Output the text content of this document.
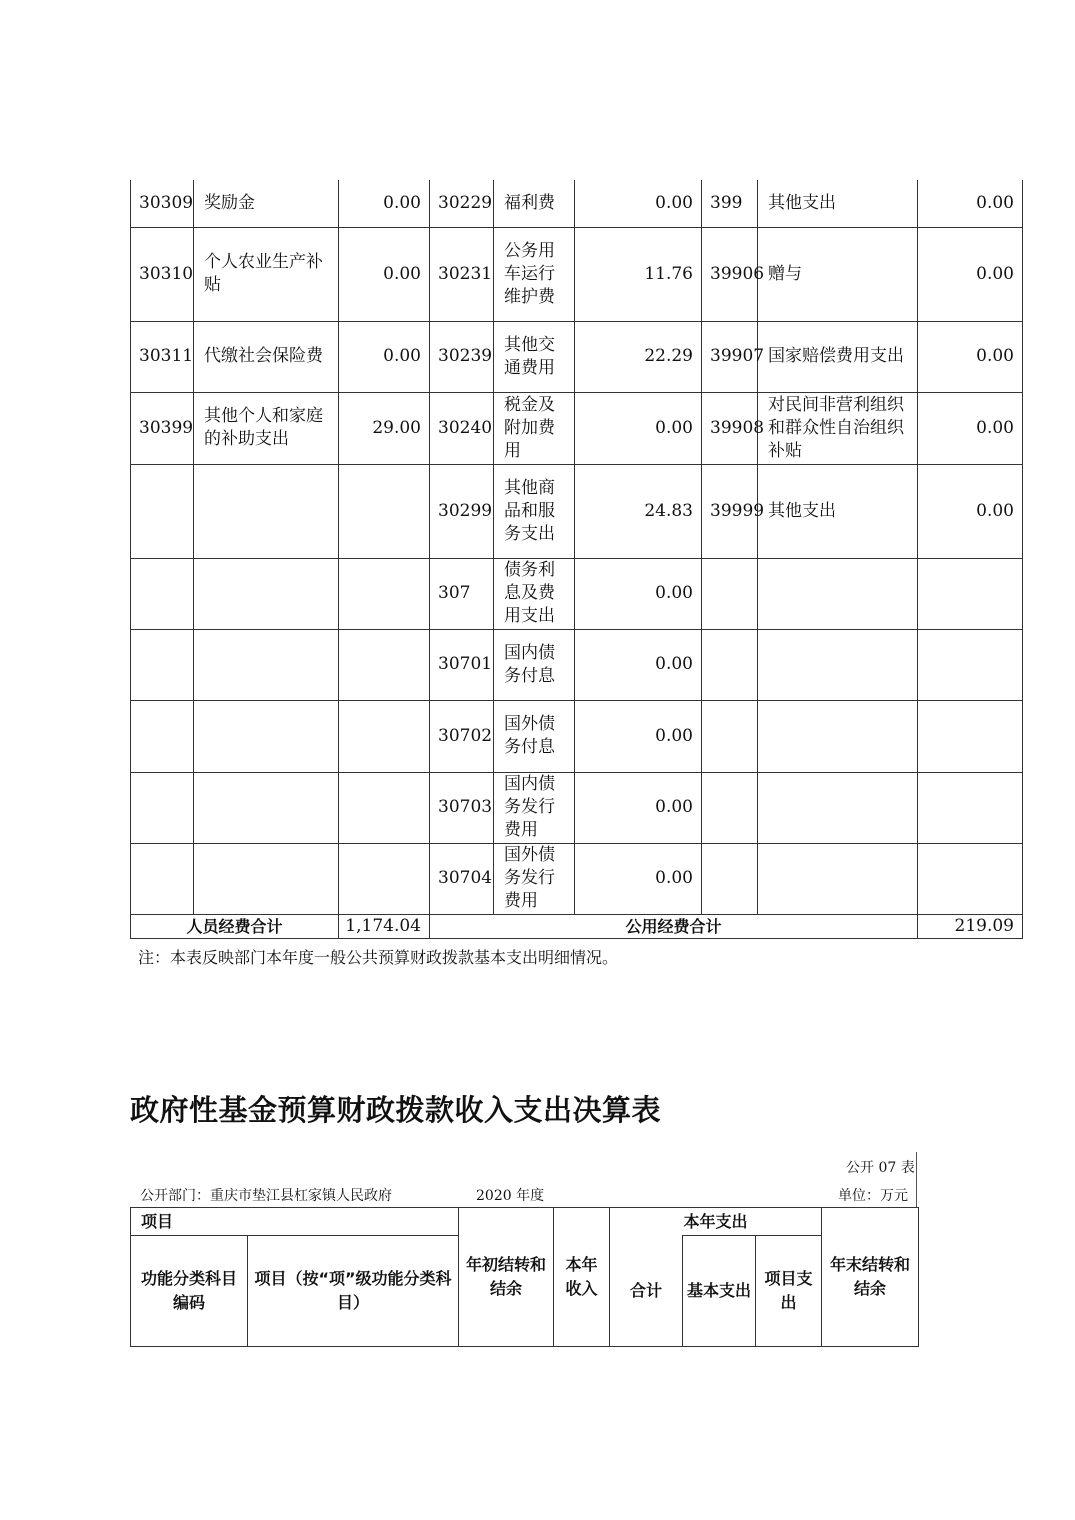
30309	奖励金	0.00	30229	福利费	0.00	399	其他支出	0.00
30310	个人农业生产补贴	0.00	30231	公务用车运行维护费	11.76	39906	赠与	0.00
30311	代缴社会保险费	0.00	30239	其他交通费用	22.29	39907	国家赔偿费用支出	0.00
30399	其他个人和家庭的补助支出	29.00	30240	税金及附加费用	0.00	39908	对民间非营利组织和群众性自治组织补贴	0.00
			30299	其他商品和服务支出	24.83	39999	其他支出	0.00
			307	债务利息及费用支出	0.00			
			30701	国内债务付息	0.00			
			30702	国外债务付息	0.00			
			30703	国内债务发行费用	0.00			
			30704	国外债务发行费用	0.00			
人员经费合计		1,174.04	公用经费合计					219.09
注：本表反映部门本年度一般公共预算财政拨款基本支出明细情况。
政府性基金预算财政拨款收入支出决算表
公开 07 表
公开部门：重庆市垫江县杠家镇人民政府	2020 年度	单位：万元
项目		年初结转和结余	本年收入	本年支出			年末结转和结余
功能分类科目编码	项目（按“项”级功能分类科目）			合计	基本支出	项目支出	
